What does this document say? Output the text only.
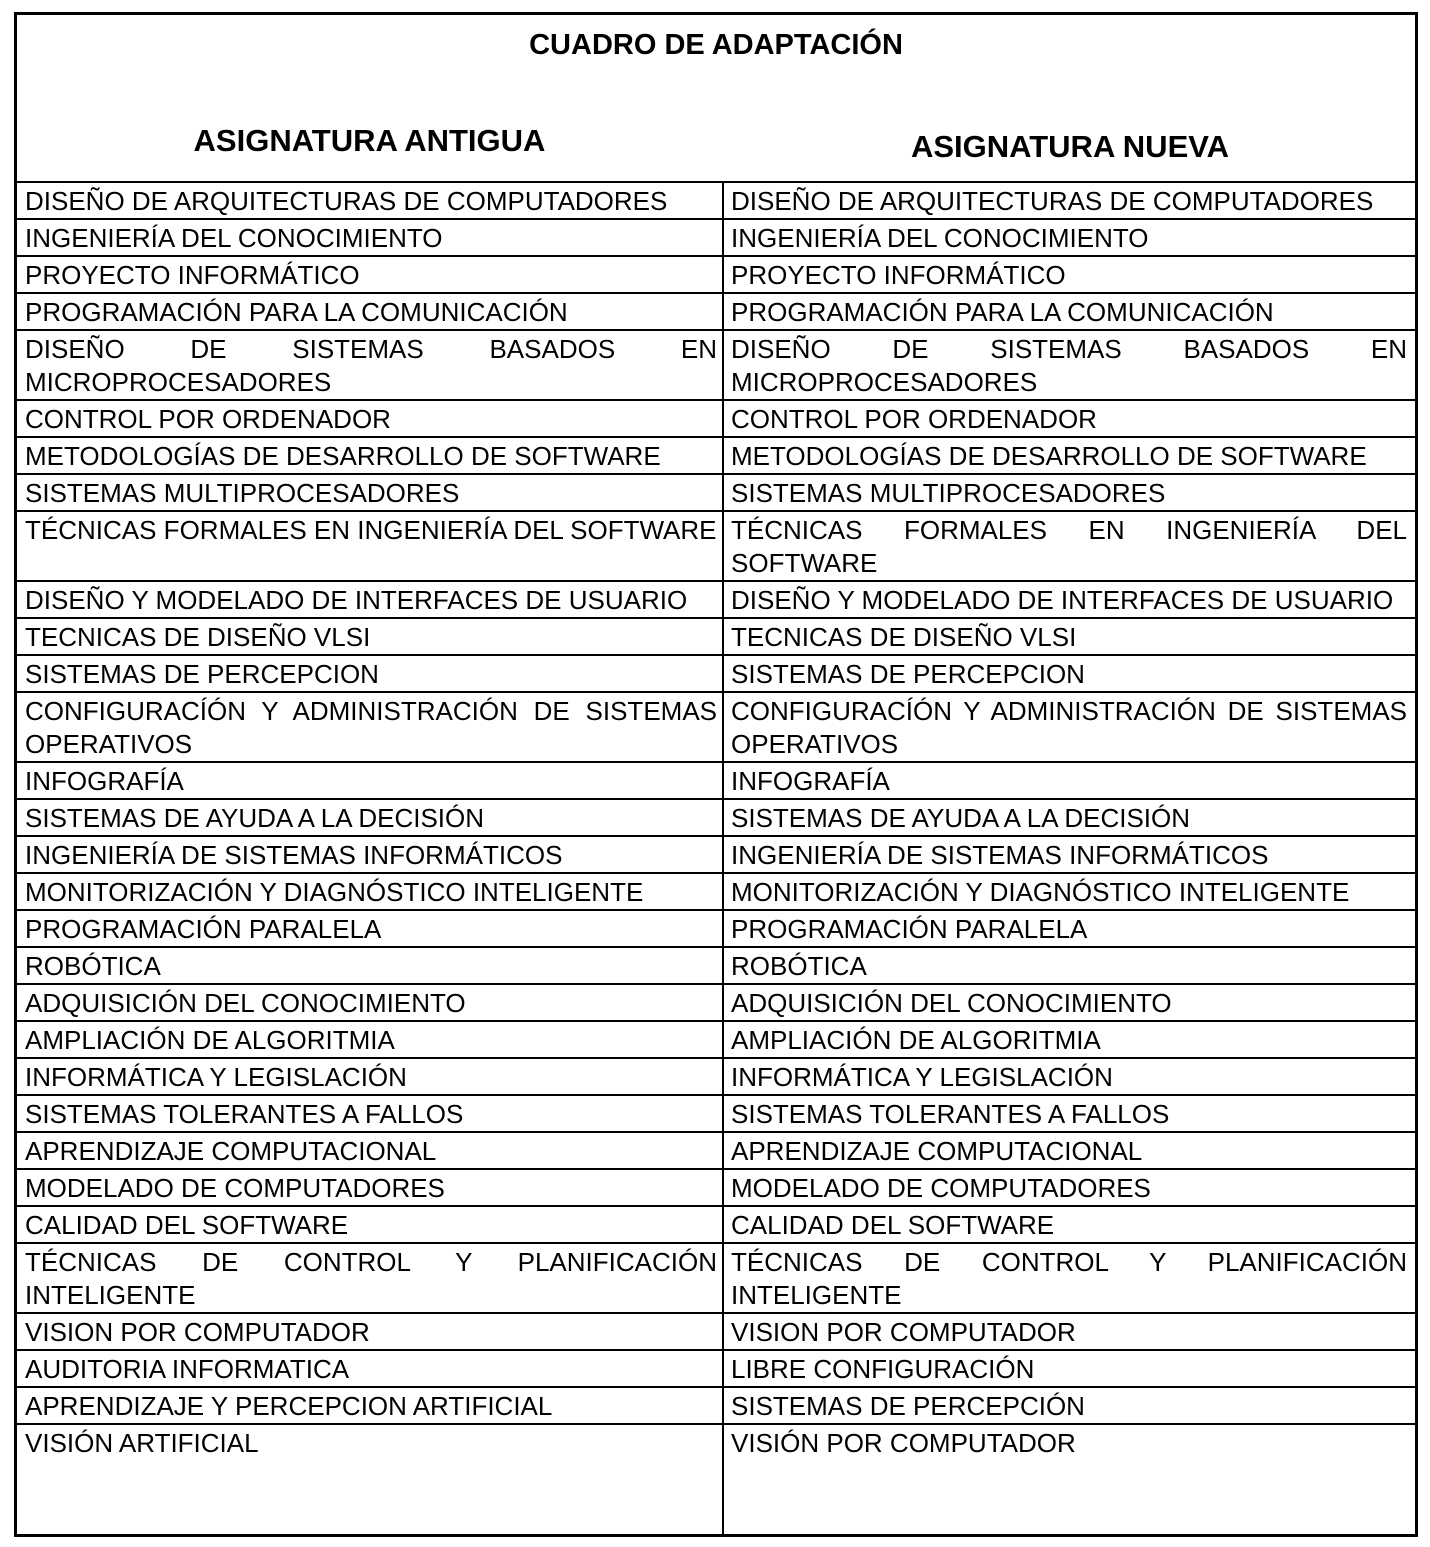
CUADRO DE ADAPTACIÓN
ASIGNATURA ANTIGUA	ASIGNATURA NUEVA
DISEÑO DE ARQUITECTURAS DE COMPUTADORES	DISEÑO DE ARQUITECTURAS DE COMPUTADORES
INGENIERÍA DEL CONOCIMIENTO	INGENIERÍA DEL CONOCIMIENTO
PROYECTO INFORMÁTICO	PROYECTO INFORMÁTICO
PROGRAMACIÓN PARA LA COMUNICACIÓN	PROGRAMACIÓN PARA LA COMUNICACIÓN
DISEÑO DE SISTEMAS BASADOS EN MICROPROCESADORES	DISEÑO DE SISTEMAS BASADOS EN MICROPROCESADORES
CONTROL POR ORDENADOR	CONTROL POR ORDENADOR
METODOLOGÍAS DE DESARROLLO DE SOFTWARE	METODOLOGÍAS DE DESARROLLO DE SOFTWARE
SISTEMAS MULTIPROCESADORES	SISTEMAS MULTIPROCESADORES
TÉCNICAS FORMALES EN INGENIERÍA DEL SOFTWARE	TÉCNICAS FORMALES EN INGENIERÍA DEL SOFTWARE
DISEÑO Y MODELADO DE INTERFACES DE USUARIO	DISEÑO Y MODELADO DE INTERFACES DE USUARIO
TECNICAS DE DISEÑO VLSI	TECNICAS DE DISEÑO VLSI
SISTEMAS DE PERCEPCION	SISTEMAS DE PERCEPCION
CONFIGURACÍÓN Y ADMINISTRACIÓN DE SISTEMAS OPERATIVOS	CONFIGURACÍÓN Y ADMINISTRACIÓN DE SISTEMAS OPERATIVOS
INFOGRAFÍA	INFOGRAFÍA
SISTEMAS DE AYUDA A LA DECISIÓN	SISTEMAS DE AYUDA A LA DECISIÓN
INGENIERÍA DE SISTEMAS INFORMÁTICOS	INGENIERÍA DE SISTEMAS INFORMÁTICOS
MONITORIZACIÓN Y DIAGNÓSTICO INTELIGENTE	MONITORIZACIÓN Y DIAGNÓSTICO INTELIGENTE
PROGRAMACIÓN PARALELA	PROGRAMACIÓN PARALELA
ROBÓTICA	ROBÓTICA
ADQUISICIÓN DEL CONOCIMIENTO	ADQUISICIÓN DEL CONOCIMIENTO
AMPLIACIÓN DE ALGORITMIA	AMPLIACIÓN DE ALGORITMIA
INFORMÁTICA Y LEGISLACIÓN	INFORMÁTICA Y LEGISLACIÓN
SISTEMAS TOLERANTES A FALLOS	SISTEMAS TOLERANTES A FALLOS
APRENDIZAJE COMPUTACIONAL	APRENDIZAJE COMPUTACIONAL
MODELADO DE COMPUTADORES	MODELADO DE COMPUTADORES
CALIDAD DEL SOFTWARE	CALIDAD DEL SOFTWARE
TÉCNICAS DE CONTROL Y PLANIFICACIÓN INTELIGENTE	TÉCNICAS DE CONTROL Y PLANIFICACIÓN INTELIGENTE
VISION POR COMPUTADOR	VISION POR COMPUTADOR
AUDITORIA INFORMATICA	LIBRE CONFIGURACIÓN
APRENDIZAJE Y PERCEPCION ARTIFICIAL	SISTEMAS DE PERCEPCIÓN
VISIÓN ARTIFICIAL	VISIÓN POR COMPUTADOR
